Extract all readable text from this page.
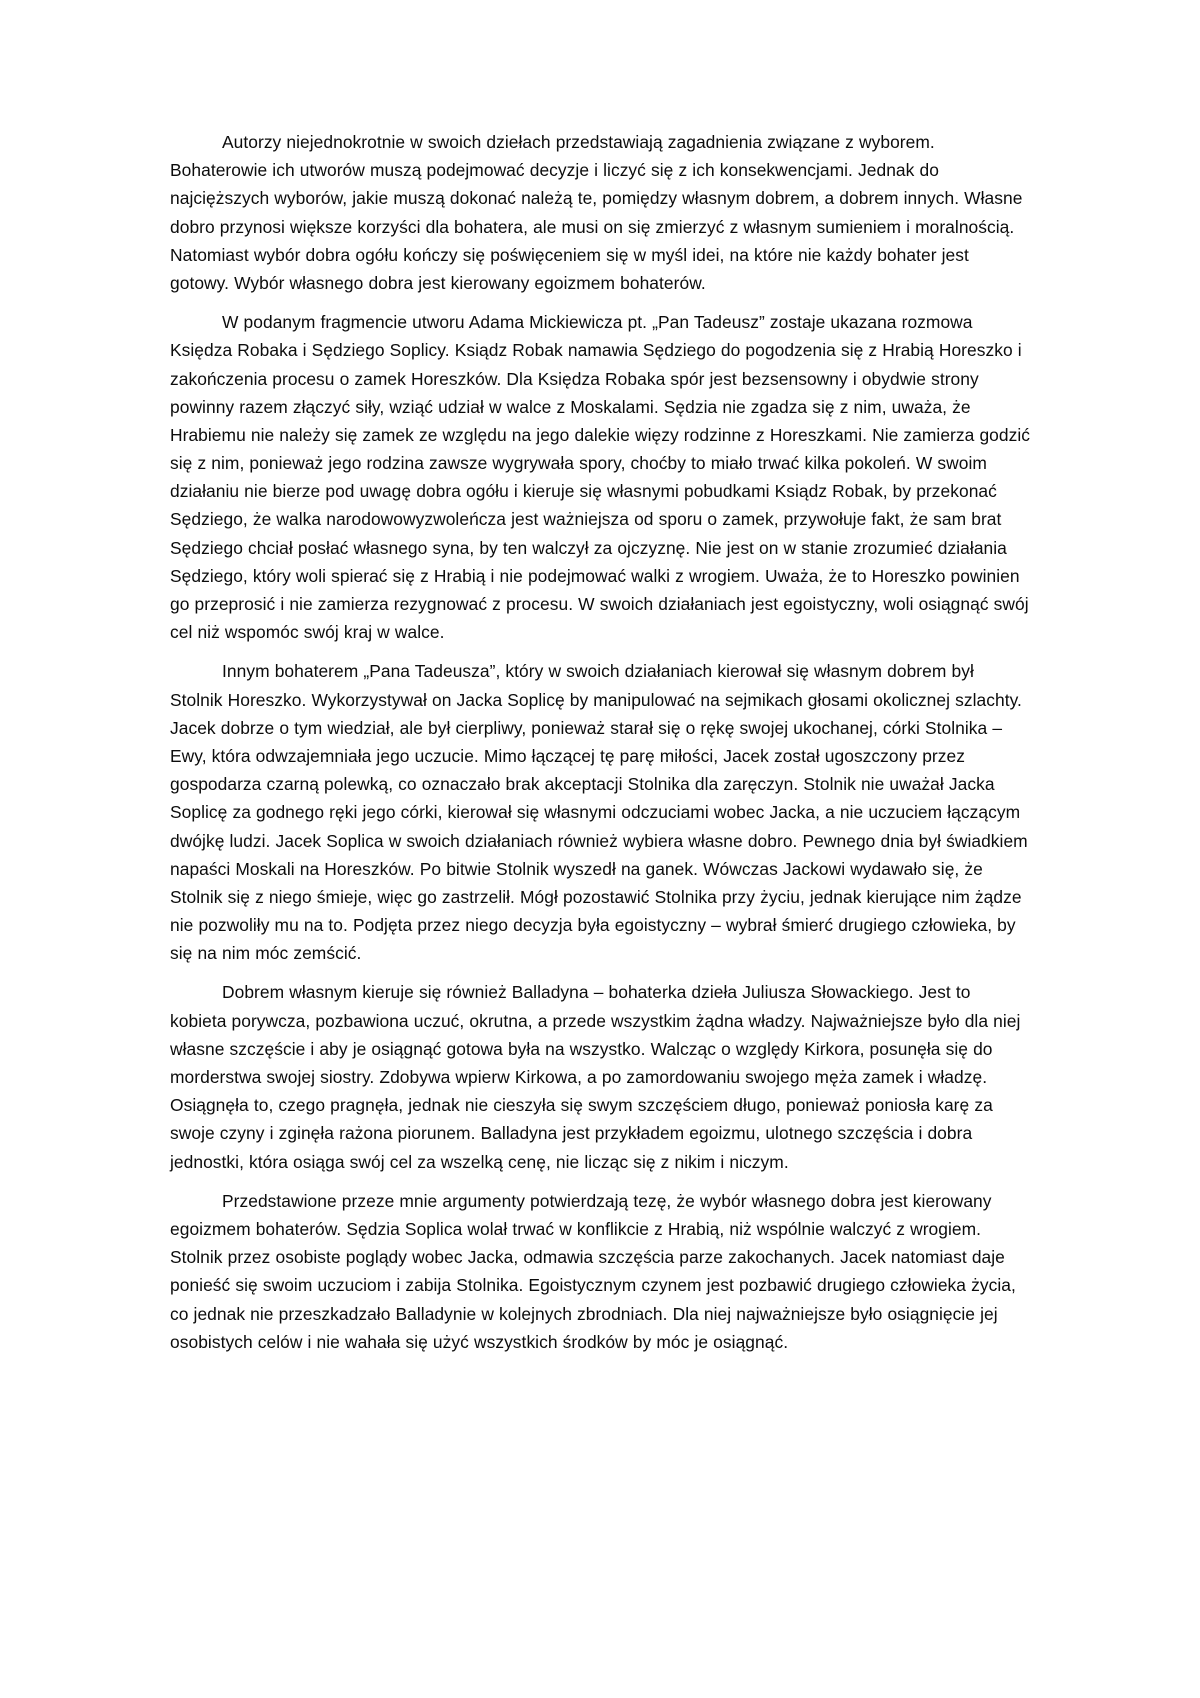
Autorzy niejednokrotnie w swoich dziełach przedstawiają zagadnienia związane z wyborem. Bohaterowie ich utworów muszą podejmować decyzje i liczyć się z ich konsekwencjami. Jednak do najcięższych wyborów, jakie muszą dokonać należą te, pomiędzy własnym dobrem, a dobrem innych. Własne dobro przynosi większe korzyści dla bohatera, ale musi on się zmierzyć z własnym sumieniem i moralnością. Natomiast wybór dobra ogółu kończy się poświęceniem się w myśl idei, na które nie każdy bohater jest gotowy. Wybór własnego dobra jest kierowany egoizmem bohaterów.

W podanym fragmencie utworu Adama Mickiewicza pt. „Pan Tadeusz” zostaje ukazana rozmowa Księdza Robaka i Sędziego Soplicy. Ksiądz Robak namawia Sędziego do pogodzenia się z Hrabią Horeszko i zakończenia procesu o zamek Horeszków. Dla Księdza Robaka spór jest bezsensowny i obydwie strony powinny razem złączyć siły, wziąć udział w walce z Moskalami. Sędzia nie zgadza się z nim, uważa, że Hrabiemu nie należy się zamek ze względu na jego dalekie więzy rodzinne z Horeszkami. Nie zamierza godzić się z nim, ponieważ jego rodzina zawsze wygrywała spory, choćby to miało trwać kilka pokoleń. W swoim działaniu nie bierze pod uwagę dobra ogółu i kieruje się własnymi pobudkami Ksiądz Robak, by przekonać Sędziego, że walka narodowowyzwoleńcza jest ważniejsza od sporu o zamek, przywołuje fakt, że sam brat Sędziego chciał posłać własnego syna, by ten walczył za ojczyznę. Nie jest on w stanie zrozumieć działania Sędziego, który woli spierać się z Hrabią i nie podejmować walki z wrogiem. Uważa, że to Horeszko powinien go przeprosić i nie zamierza rezygnować z procesu. W swoich działaniach jest egoistyczny, woli osiągnąć swój cel niż wspomóc swój kraj w walce.

Innym bohaterem „Pana Tadeusza”, który w swoich działaniach kierował się własnym dobrem był Stolnik Horeszko. Wykorzystywał on Jacka Soplicę by manipulować na sejmikach głosami okolicznej szlachty. Jacek dobrze o tym wiedział, ale był cierpliwy, ponieważ starał się o rękę swojej ukochanej, córki Stolnika – Ewy, która odwzajemniała jego uczucie. Mimo łączącej tę parę miłości, Jacek został ugoszczony przez gospodarza czarną polewką, co oznaczało brak akceptacji Stolnika dla zaręczyn. Stolnik nie uważał Jacka Soplicę za godnego ręki jego córki, kierował się własnymi odczuciami wobec Jacka, a nie uczuciem łączącym dwójkę ludzi. Jacek Soplica w swoich działaniach również wybiera własne dobro. Pewnego dnia był świadkiem napaści Moskali na Horeszków. Po bitwie Stolnik wyszedł na ganek. Wówczas Jackowi wydawało się, że Stolnik się z niego śmieje, więc go zastrzelił. Mógł pozostawić Stolnika przy życiu, jednak kierujące nim żądze nie pozwoliły mu na to. Podjęta przez niego decyzja była egoistyczny – wybrał śmierć drugiego człowieka, by się na nim móc zemścić.

Dobrem własnym kieruje się również Balladyna – bohaterka dzieła Juliusza Słowackiego. Jest to kobieta porywcza, pozbawiona uczuć, okrutna, a przede wszystkim żądna władzy. Najważniejsze było dla niej własne szczęście i aby je osiągnąć gotowa była na wszystko. Walcząc o względy Kirkora, posunęła się do morderstwa swojej siostry. Zdobywa wpierw Kirkowa, a po zamordowaniu swojego męża zamek i władzę. Osiągnęła to, czego pragnęła, jednak nie cieszyła się swym szczęściem długo, ponieważ poniosła karę za swoje czyny i zginęła rażona piorunem. Balladyna jest przykładem egoizmu, ulotnego szczęścia i dobra jednostki, która osiąga swój cel za wszelką cenę, nie licząc się z nikim i niczym.

Przedstawione przeze mnie argumenty potwierdzają tezę, że wybór własnego dobra jest kierowany egoizmem bohaterów. Sędzia Soplica wolał trwać w konflikcie z Hrabią, niż wspólnie walczyć z wrogiem. Stolnik przez osobiste poglądy wobec Jacka, odmawia szczęścia parze zakochanych. Jacek natomiast daje ponieść się swoim uczuciom i zabija Stolnika. Egoistycznym czynem jest pozbawić drugiego człowieka życia, co jednak nie przeszkadzało Balladynie w kolejnych zbrodniach. Dla niej najważniejsze było osiągnięcie jej osobistych celów i nie wahała się użyć wszystkich środków by móc je osiągnąć.
